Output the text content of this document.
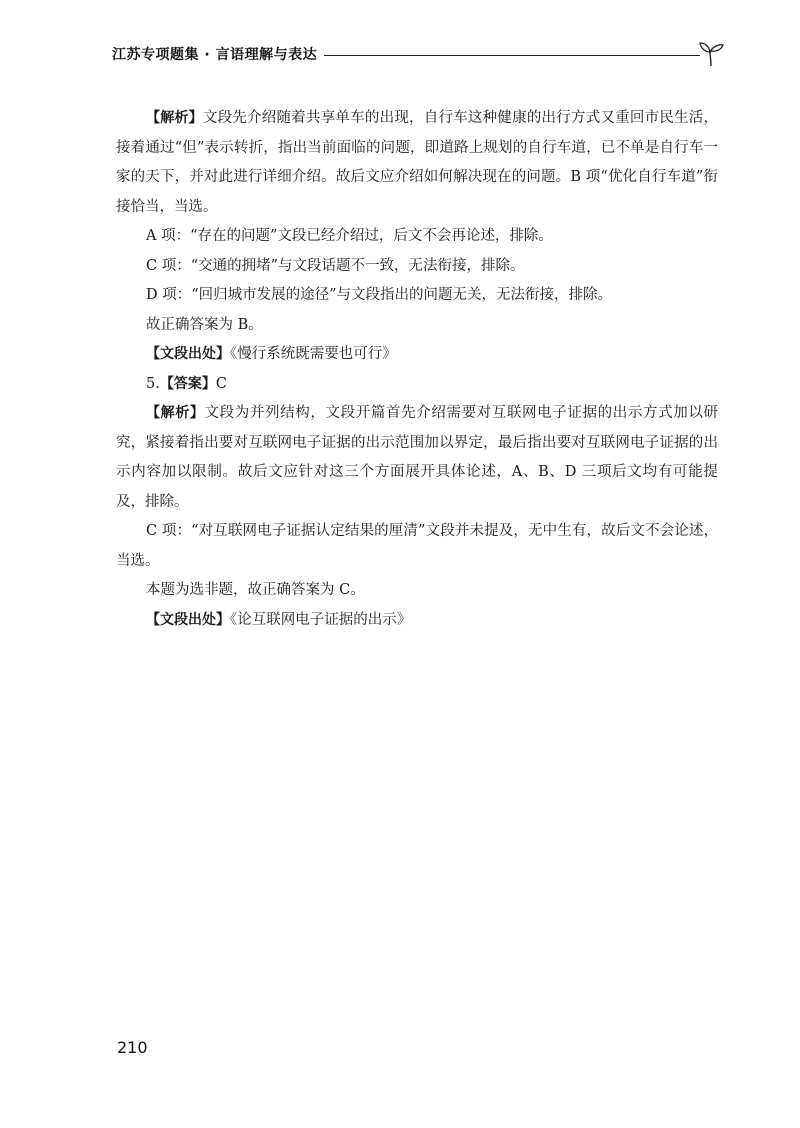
江苏专项题集 · 言语理解与表达

【解析】文段先介绍随着共享单车的出现，自行车这种健康的出行方式又重回市民生活，接着通过“但”表示转折，指出当前面临的问题，即道路上规划的自行车道，已不单是自行车一家的天下，并对此进行详细介绍。故后文应介绍如何解决现在的问题。B 项“优化自行车道”衔接恰当，当选。

A 项：“存在的问题”文段已经介绍过，后文不会再论述，排除。

C 项：“交通的拥堵”与文段话题不一致，无法衔接，排除。

D 项：“回归城市发展的途径”与文段指出的问题无关，无法衔接，排除。

故正确答案为 B。

【文段出处】《慢行系统既需要也可行》

5.【答案】C

【解析】文段为并列结构，文段开篇首先介绍需要对互联网电子证据的出示方式加以研究，紧接着指出要对互联网电子证据的出示范围加以界定，最后指出要对互联网电子证据的出示内容加以限制。故后文应针对这三个方面展开具体论述，A、B、D 三项后文均有可能提及，排除。

C 项：“对互联网电子证据认定结果的厘清”文段并未提及，无中生有，故后文不会论述，当选。

本题为选非题，故正确答案为 C。

【文段出处】《论互联网电子证据的出示》

210
